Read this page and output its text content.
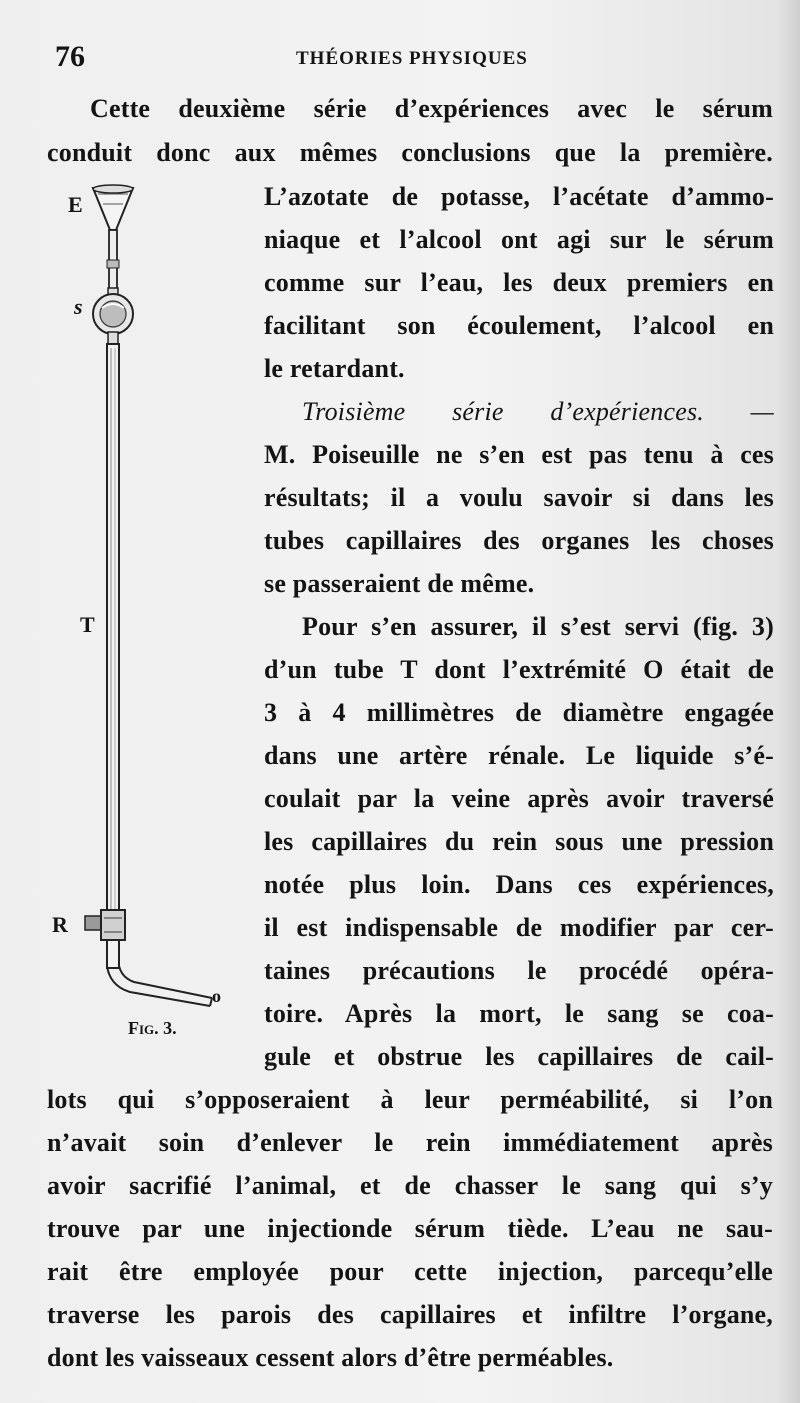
76	THÉORIES PHYSIQUES
E
s
T
R
o
Fig. 3.
Cette deuxième série d’expériences avec le sérum
conduit donc aux mêmes conclusions que la première.
L’azotate de potasse, l’acétate d’ammo-
niaque et l’alcool ont agi sur le sérum
comme sur l’eau, les deux premiers en
facilitant son écoulement, l’alcool en
le retardant.
Troisième série d’expériences. —
M. Poiseuille ne s’en est pas tenu à ces
résultats; il a voulu savoir si dans les
tubes capillaires des organes les choses
se passeraient de même.
Pour s’en assurer, il s’est servi (fig. 3)
d’un tube T dont l’extrémité O était de
3 à 4 millimètres de diamètre engagée
dans une artère rénale. Le liquide s’é-
coulait par la veine après avoir traversé
les capillaires du rein sous une pression
notée plus loin. Dans ces expériences,
il est indispensable de modifier par cer-
taines précautions le procédé opéra-
toire. Après la mort, le sang se coa-
gule et obstrue les capillaires de cail-
lots qui s’opposeraient à leur perméabilité, si l’on
n’avait soin d’enlever le rein immédiatement après
avoir sacrifié l’animal, et de chasser le sang qui s’y
trouve par une injectionde sérum tiède. L’eau ne sau-
rait être employée pour cette injection, parcequ’elle
traverse les parois des capillaires et infiltre l’organe,
dont les vaisseaux cessent alors d’être perméables.
